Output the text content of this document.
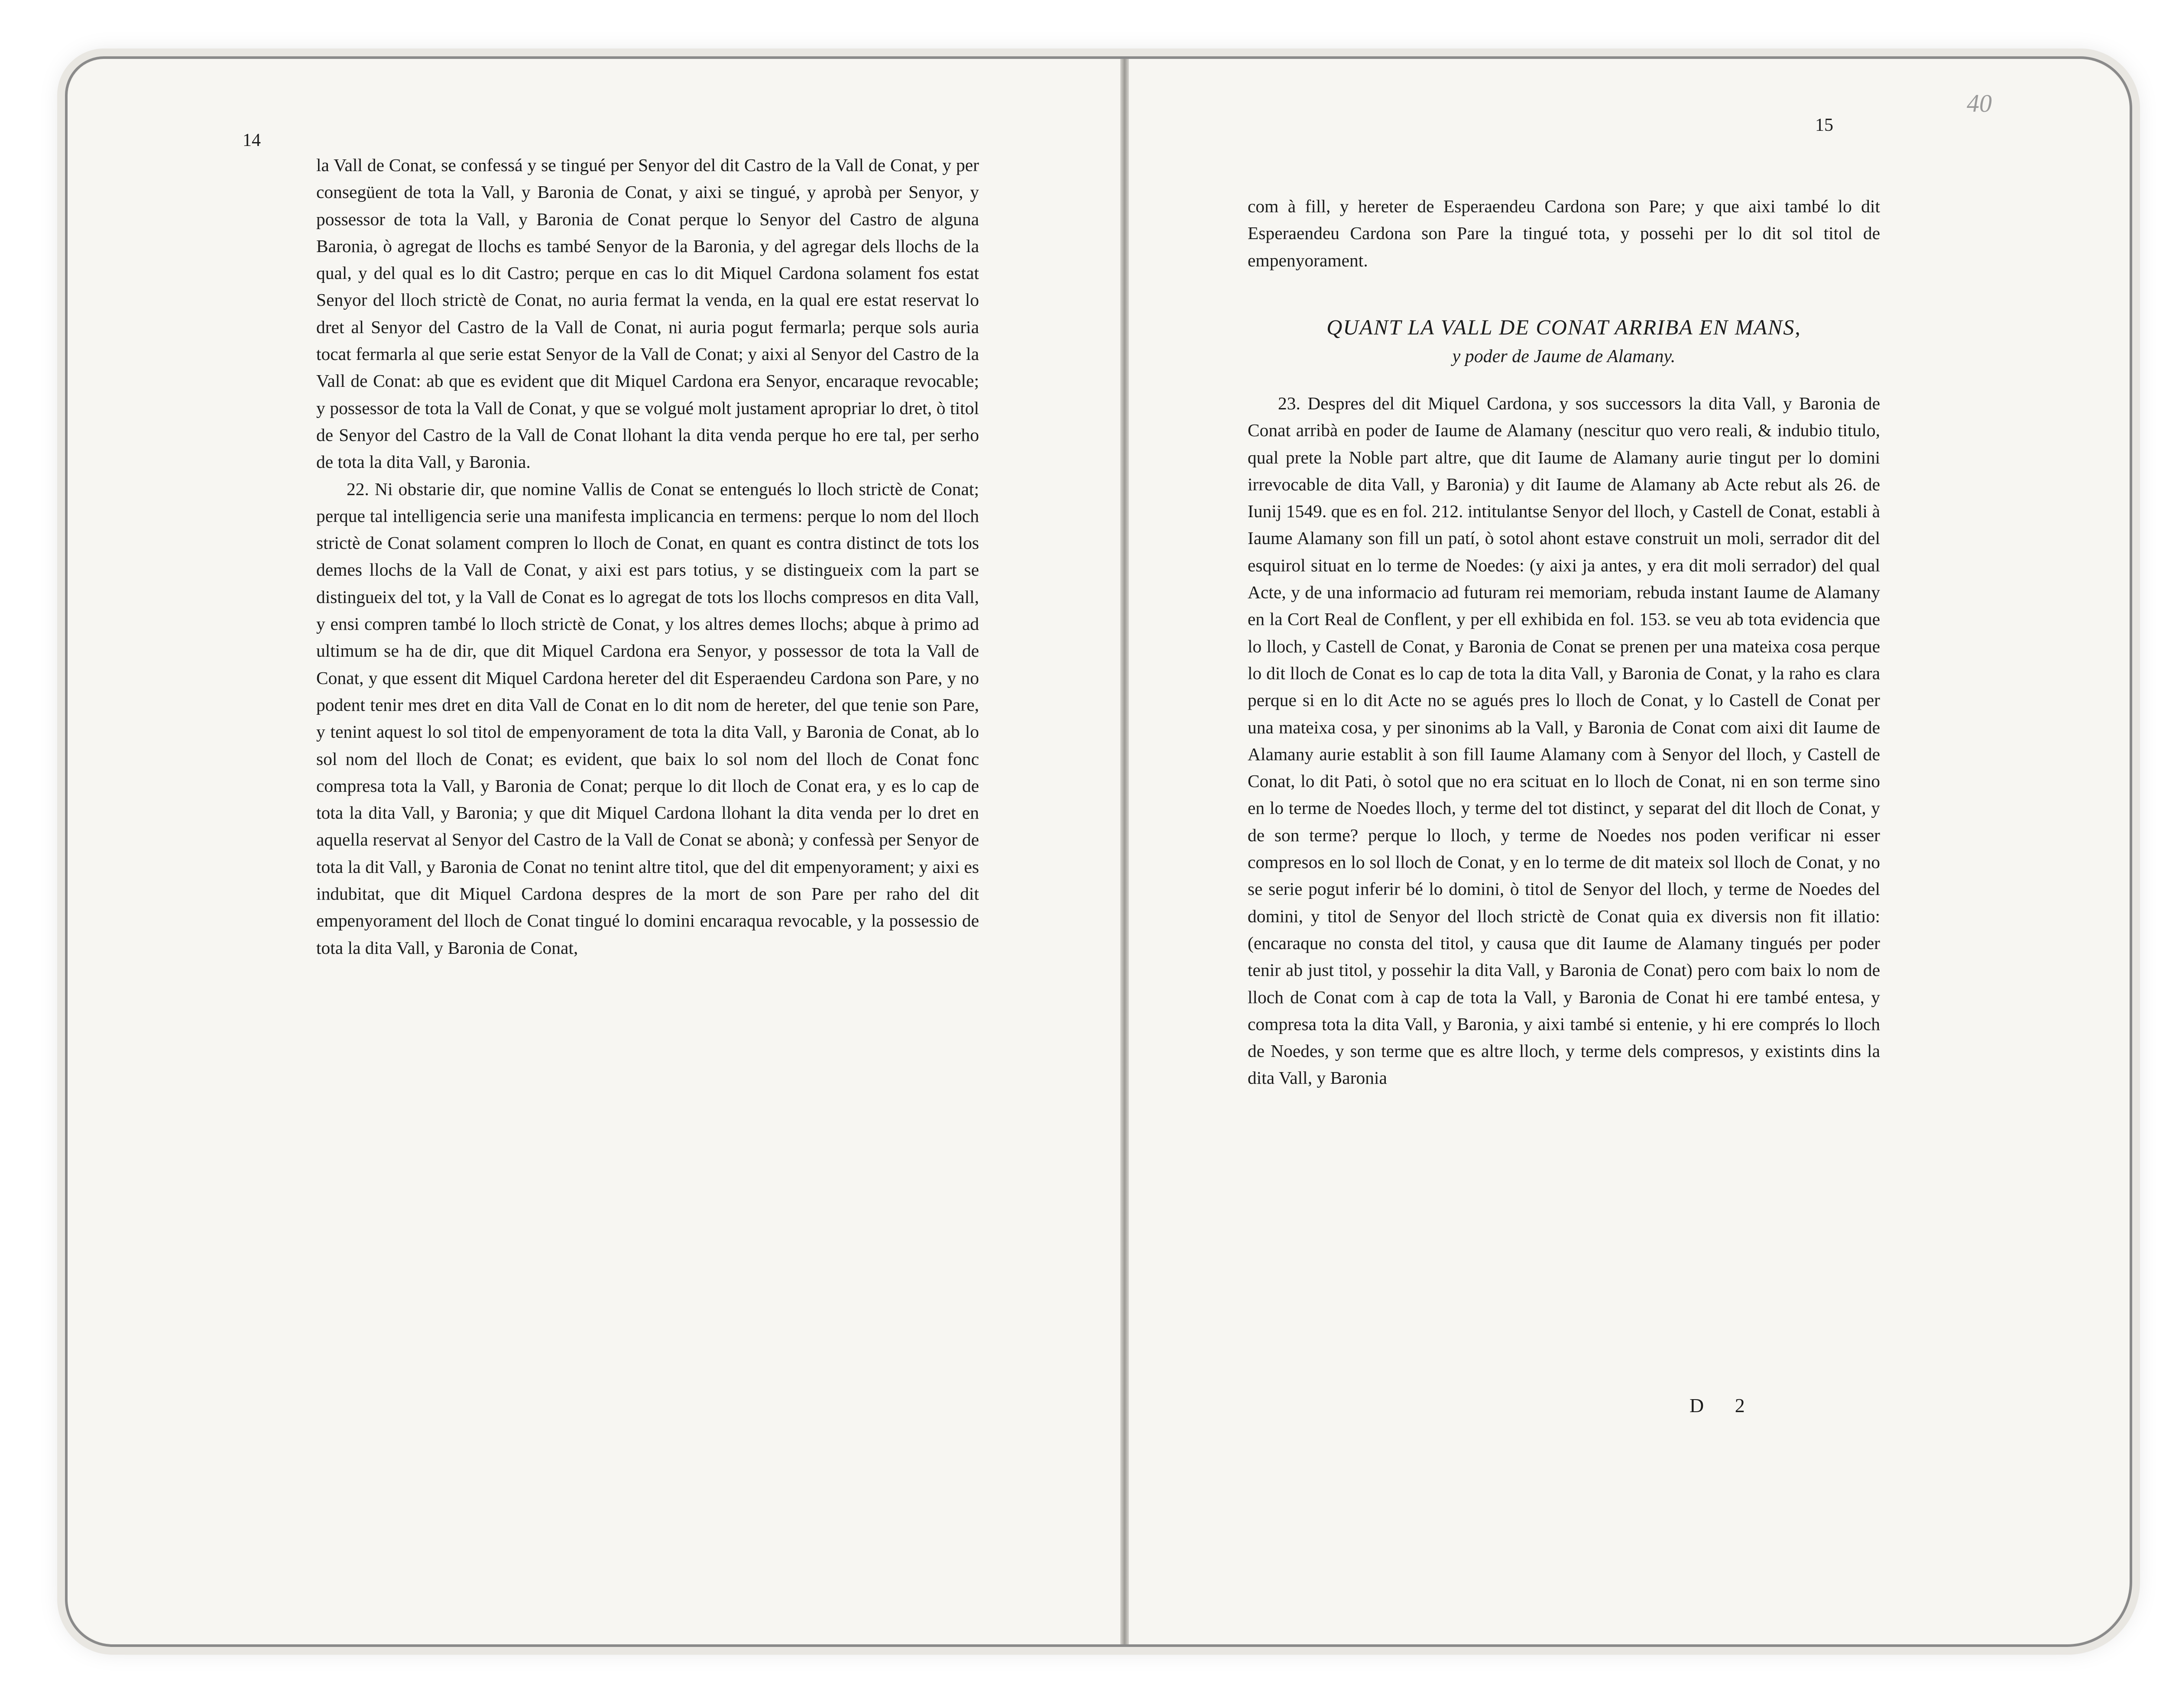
14

la Vall de Conat, se confessá y se tingué per Senyor del dit Castro de la Vall de Conat, y per consegüent de tota la Vall, y Baronia de Conat, y aixi se tingué, y aprobà per Senyor, y possessor de tota la Vall, y Baronia de Conat perque lo Senyor del Castro de alguna Baronia, ò agregat de llochs es també Senyor de la Baronia, y del agregar dels llochs de la qual, y del qual es lo dit Castro; perque en cas lo dit Miquel Cardona solament fos estat Senyor del lloch strictè de Conat, no auria fermat la venda, en la qual ere estat reservat lo dret al Senyor del Castro de la Vall de Conat, ni auria pogut fermarla; perque sols auria tocat fermarla al que serie estat Senyor de la Vall de Conat; y aixi al Senyor del Castro de la Vall de Conat: ab que es evident que dit Miquel Cardona era Senyor, encaraque revocable; y possessor de tota la Vall de Conat, y que se volgué molt justament apropriar lo dret, ò titol de Senyor del Castro de la Vall de Conat llohant la dita venda perque ho ere tal, per serho de tota la dita Vall, y Baronia.

22. Ni obstarie dir, que nomine Vallis de Conat se entengués lo lloch strictè de Conat; perque tal intelligencia serie una manifesta implicancia en termens: perque lo nom del lloch strictè de Conat solament compren lo lloch de Conat, en quant es contra distinct de tots los demes llochs de la Vall de Conat, y aixi est pars totius, y se distingueix com la part se distingueix del tot, y la Vall de Conat es lo agregat de tots los llochs compresos en dita Vall, y ensi compren també lo lloch strictè de Conat, y los altres demes llochs; abque à primo ad ultimum se ha de dir, que dit Miquel Cardona era Senyor, y possessor de tota la Vall de Conat, y que essent dit Miquel Cardona hereter del dit Esperaendeu Cardona son Pare, y no podent tenir mes dret en dita Vall de Conat en lo dit nom de hereter, del que tenie son Pare, y tenint aquest lo sol titol de empenyorament de tota la dita Vall, y Baronia de Conat, ab lo sol nom del lloch de Conat; es evident, que baix lo sol nom del lloch de Conat fonc compresa tota la Vall, y Baronia de Conat; perque lo dit lloch de Conat era, y es lo cap de tota la dita Vall, y Baronia; y que dit Miquel Cardona llohant la dita venda per lo dret en aquella reservat al Senyor del Castro de la Vall de Conat se abonà; y confessà per Senyor de tota la dit Vall, y Baronia de Conat no tenint altre titol, que del dit empenyorament; y aixi es indubitat, que dit Miquel Cardona despres de la mort de son Pare per raho del dit empenyorament del lloch de Conat tingué lo domini encaraqua revocable, y la possessio de tota la dita Vall, y Baronia de Conat,

15
40

com à fill, y hereter de Esperaendeu Cardona son Pare; y que aixi també lo dit Esperaendeu Cardona son Pare la tingué tota, y possehi per lo dit sol titol de empenyorament.

QUANT LA VALL DE CONAT ARRIBA EN MANS,
y poder de Jaume de Alamany.

23. Despres del dit Miquel Cardona, y sos successors la dita Vall, y Baronia de Conat arribà en poder de Iaume de Alamany (nescitur quo vero reali, & indubio titulo, qual prete la Noble part altre, que dit Iaume de Alamany aurie tingut per lo domini irrevocable de dita Vall, y Baronia) y dit Iaume de Alamany ab Acte rebut als 26. de Iunij 1549. que es en fol. 212. intitulantse Senyor del lloch, y Castell de Conat, establi à Iaume Alamany son fill un patí, ò sotol ahont estave construit un moli, serrador dit del esquirol situat en lo terme de Noedes: (y aixi ja antes, y era dit moli serrador) del qual Acte, y de una informacio ad futuram rei memoriam, rebuda instant Iaume de Alamany en la Cort Real de Conflent, y per ell exhibida en fol. 153. se veu ab tota evidencia que lo lloch, y Castell de Conat, y Baronia de Conat se prenen per una mateixa cosa perque lo dit lloch de Conat es lo cap de tota la dita Vall, y Baronia de Conat, y la raho es clara perque si en lo dit Acte no se agués pres lo lloch de Conat, y lo Castell de Conat per una mateixa cosa, y per sinonims ab la Vall, y Baronia de Conat com aixi dit Iaume de Alamany aurie establit à son fill Iaume Alamany com à Senyor del lloch, y Castell de Conat, lo dit Pati, ò sotol que no era scituat en lo lloch de Conat, ni en son terme sino en lo terme de Noedes lloch, y terme del tot distinct, y separat del dit lloch de Conat, y de son terme? perque lo lloch, y terme de Noedes nos poden verificar ni esser compresos en lo sol lloch de Conat, y en lo terme de dit mateix sol lloch de Conat, y no se serie pogut inferir bé lo domini, ò titol de Senyor del lloch, y terme de Noedes del domini, y titol de Senyor del lloch strictè de Conat quia ex diversis non fit illatio: (encaraque no consta del titol, y causa que dit Iaume de Alamany tingués per poder tenir ab just titol, y possehir la dita Vall, y Baronia de Conat) pero com baix lo nom de lloch de Conat com à cap de tota la Vall, y Baronia de Conat hi ere també entesa, y compresa tota la dita Vall, y Baronia, y aixi també si entenie, y hi ere comprés lo lloch de Noedes, y son terme que es altre lloch, y terme dels compresos, y existints dins la dita Vall, y Baronia

D 2
